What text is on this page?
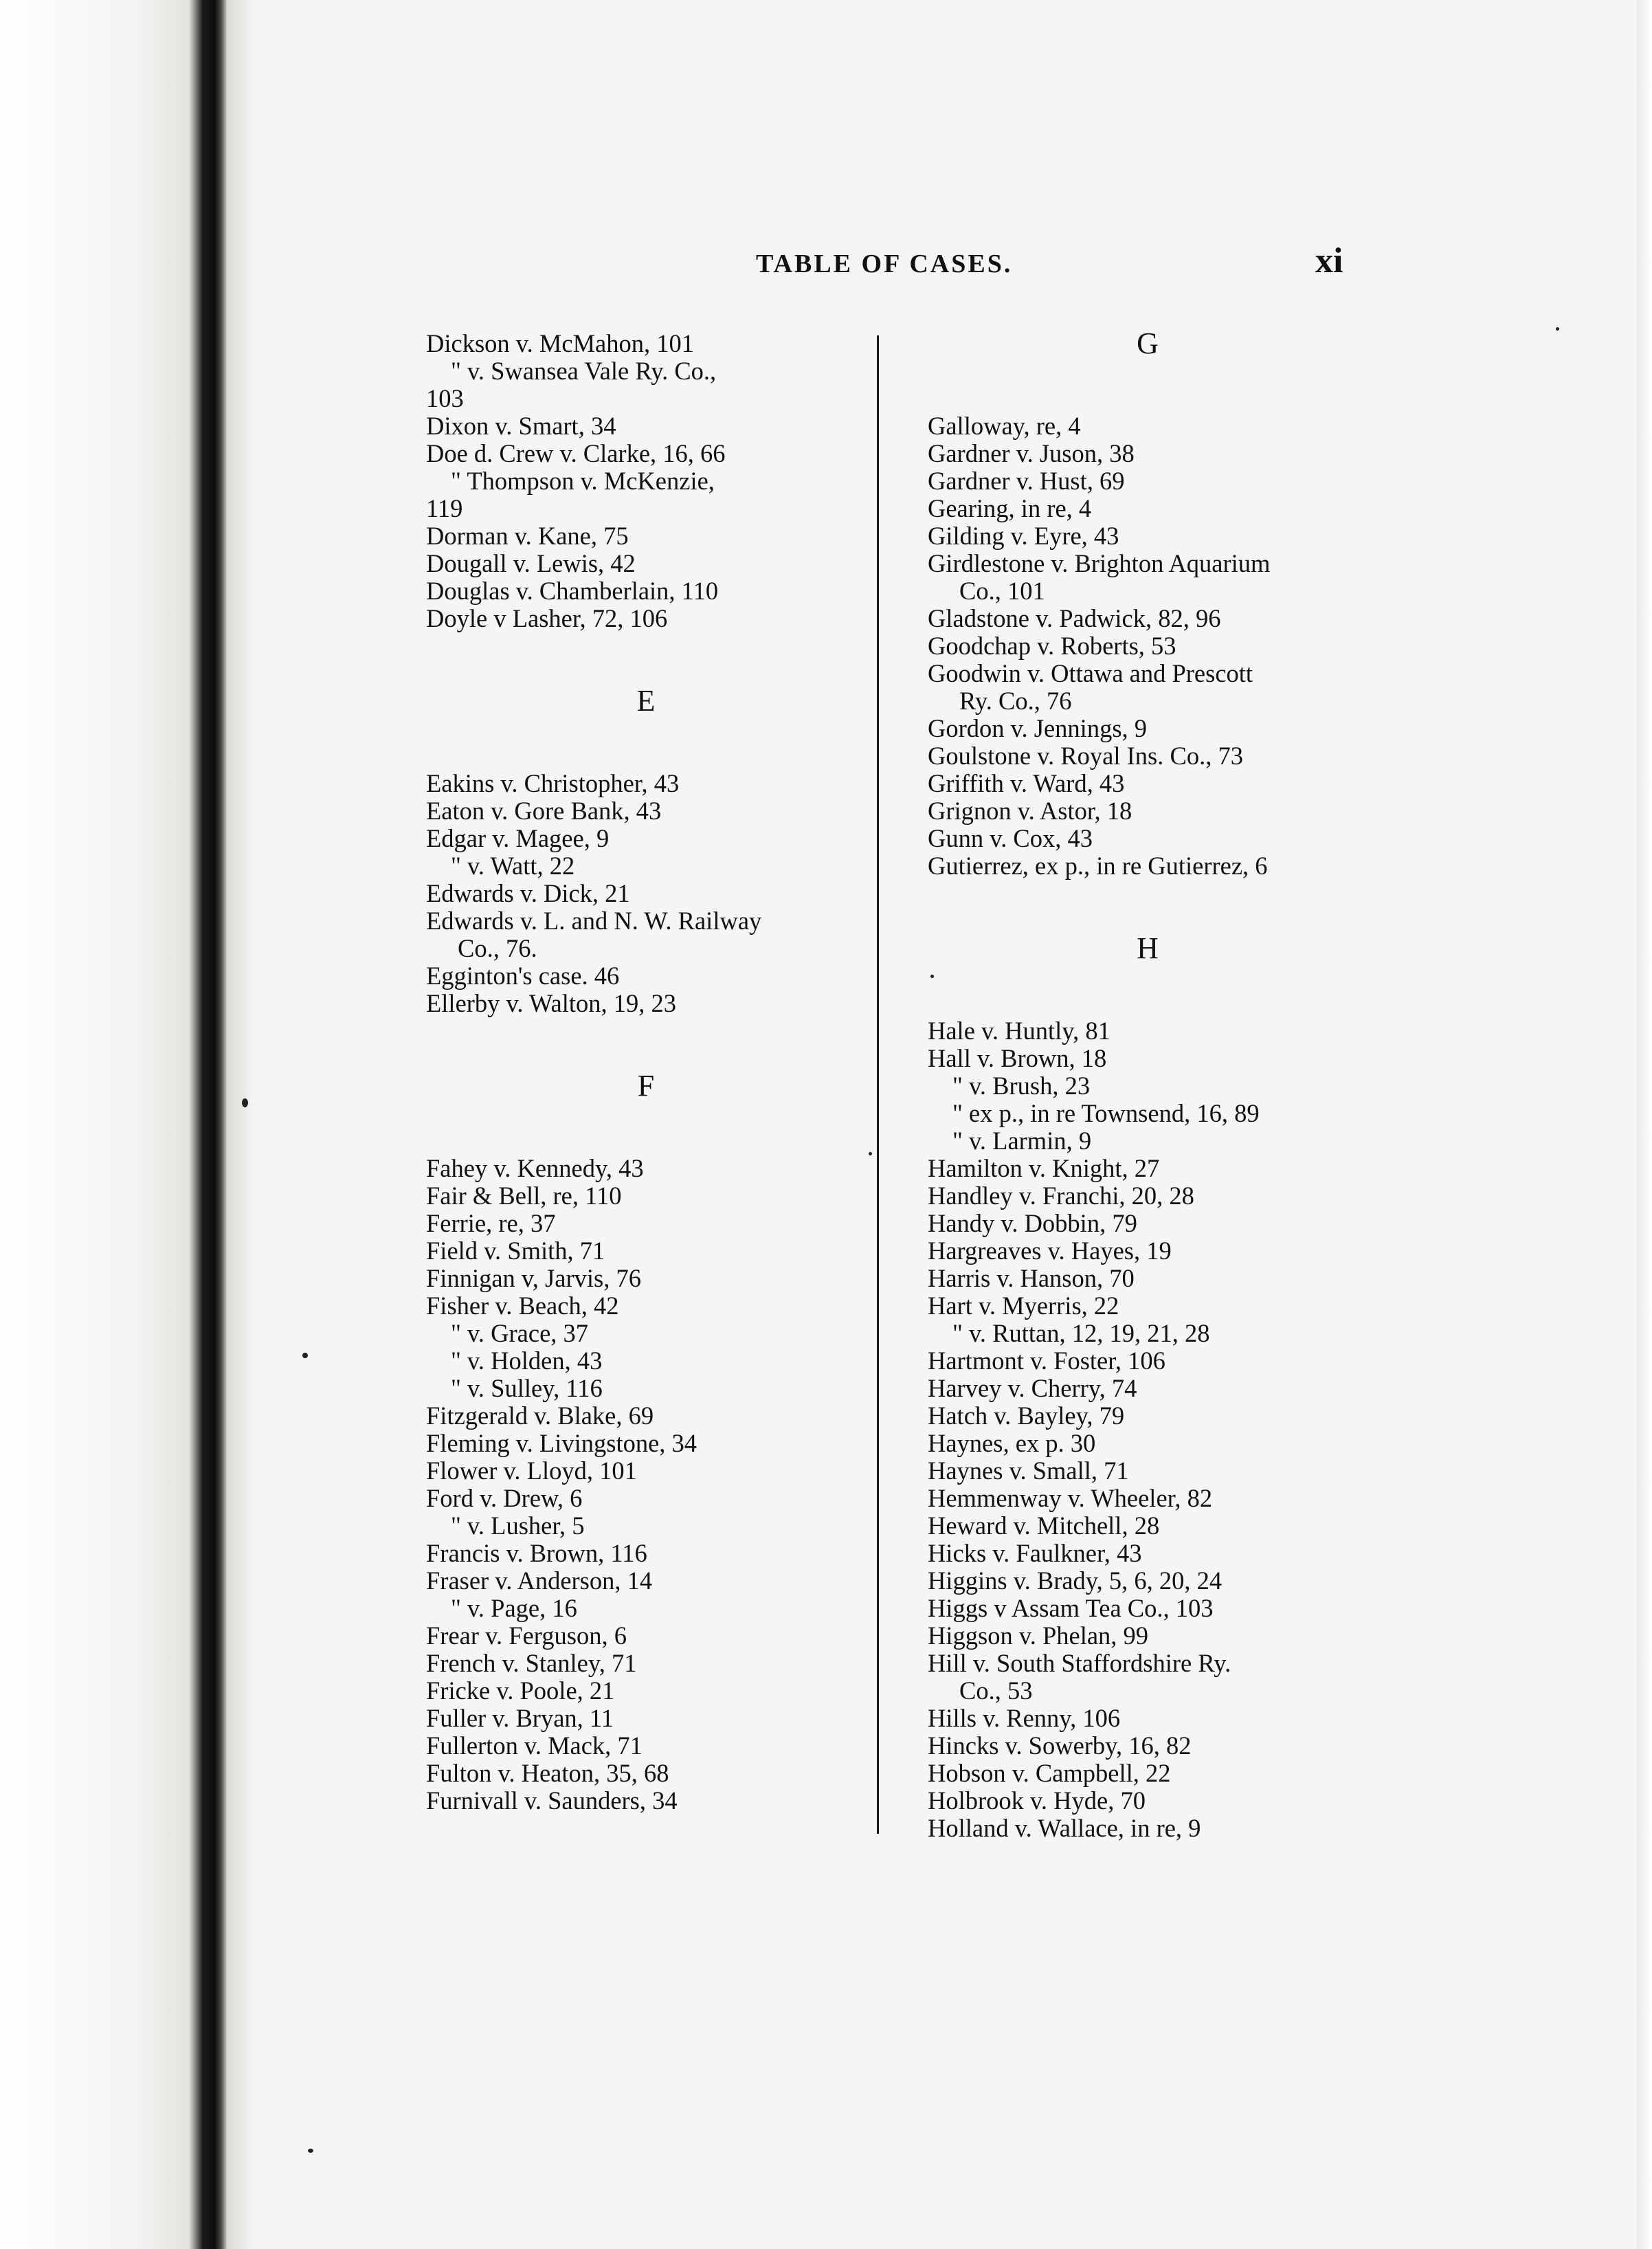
TABLE OF CASES.	xi
Dickson v. McMahon, 101
" v. Swansea Vale Ry. Co.,
103
Dixon v. Smart, 34
Doe d. Crew v. Clarke, 16, 66
" Thompson v. McKenzie,
119
Dorman v. Kane, 75
Dougall v. Lewis, 42
Douglas v. Chamberlain, 110
Doyle v Lasher, 72, 106
E
Eakins v. Christopher, 43
Eaton v. Gore Bank, 43
Edgar v. Magee, 9
" v. Watt, 22
Edwards v. Dick, 21
Edwards v. L. and N. W. Railway
Co., 76.
Egginton's case. 46
Ellerby v. Walton, 19, 23
F
Fahey v. Kennedy, 43
Fair & Bell, re, 110
Ferrie, re, 37
Field v. Smith, 71
Finnigan v, Jarvis, 76
Fisher v. Beach, 42
" v. Grace, 37
" v. Holden, 43
" v. Sulley, 116
Fitzgerald v. Blake, 69
Fleming v. Livingstone, 34
Flower v. Lloyd, 101
Ford v. Drew, 6
" v. Lusher, 5
Francis v. Brown, 116
Fraser v. Anderson, 14
" v. Page, 16
Frear v. Ferguson, 6
French v. Stanley, 71
Fricke v. Poole, 21
Fuller v. Bryan, 11
Fullerton v. Mack, 71
Fulton v. Heaton, 35, 68
Furnivall v. Saunders, 34
G
Galloway, re, 4
Gardner v. Juson, 38
Gardner v. Hust, 69
Gearing, in re, 4
Gilding v. Eyre, 43
Girdlestone v. Brighton Aquarium
Co., 101
Gladstone v. Padwick, 82, 96
Goodchap v. Roberts, 53
Goodwin v. Ottawa and Prescott
Ry. Co., 76
Gordon v. Jennings, 9
Goulstone v. Royal Ins. Co., 73
Griffith v. Ward, 43
Grignon v. Astor, 18
Gunn v. Cox, 43
Gutierrez, ex p., in re Gutierrez, 6
H
Hale v. Huntly, 81
Hall v. Brown, 18
" v. Brush, 23
" ex p., in re Townsend, 16, 89
" v. Larmin, 9
Hamilton v. Knight, 27
Handley v. Franchi, 20, 28
Handy v. Dobbin, 79
Hargreaves v. Hayes, 19
Harris v. Hanson, 70
Hart v. Myerris, 22
" v. Ruttan, 12, 19, 21, 28
Hartmont v. Foster, 106
Harvey v. Cherry, 74
Hatch v. Bayley, 79
Haynes, ex p. 30
Haynes v. Small, 71
Hemmenway v. Wheeler, 82
Heward v. Mitchell, 28
Hicks v. Faulkner, 43
Higgins v. Brady, 5, 6, 20, 24
Higgs v Assam Tea Co., 103
Higgson v. Phelan, 99
Hill v. South Staffordshire Ry.
Co., 53
Hills v. Renny, 106
Hincks v. Sowerby, 16, 82
Hobson v. Campbell, 22
Holbrook v. Hyde, 70
Holland v. Wallace, in re, 9
